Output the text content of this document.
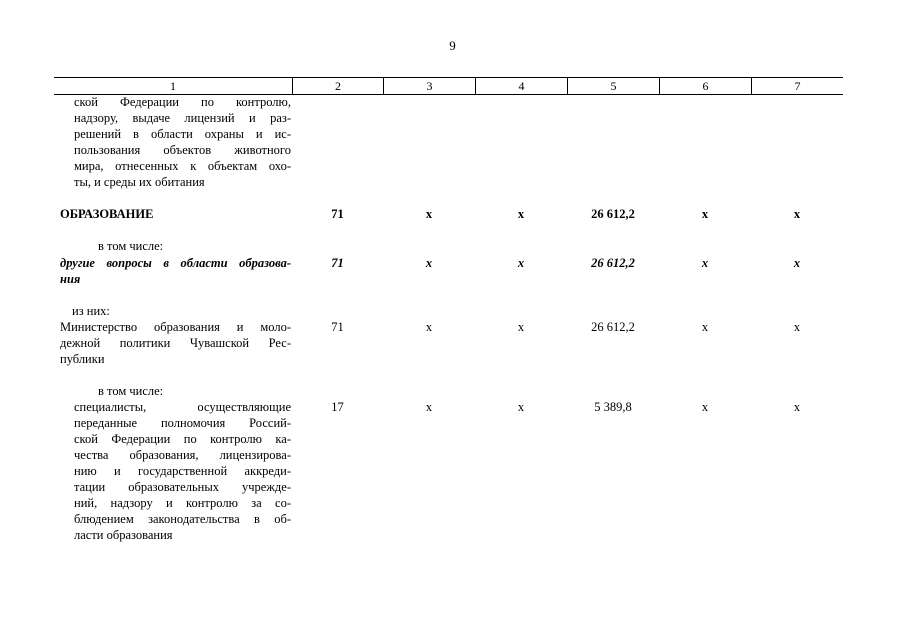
9
1	2	3	4	5	6	7
ской Федерации по контролю,
надзору, выдаче лицензий и раз-
решений в области охраны и ис-
пользования объектов животного
мира, отнесенных к объектам охо-
ты, и среды их обитания
ОБРАЗОВАНИЕ	71	х	х	26 612,2	х	х
в том числе:
другие вопросы в области образова-
ния
71	х	х	26 612,2	х	х
из них:
Министерство образования и моло-
дежной политики Чувашской Рес-
публики
71	х	х	26 612,2	х	х
в том числе:
специалисты, осуществляющие
переданные полномочия Россий-
ской Федерации по контролю ка-
чества образования, лицензирова-
нию и государственной аккреди-
тации образовательных учрежде-
ний, надзору и контролю за со-
блюдением законодательства в об-
ласти образования
17	х	х	5 389,8	х	х
